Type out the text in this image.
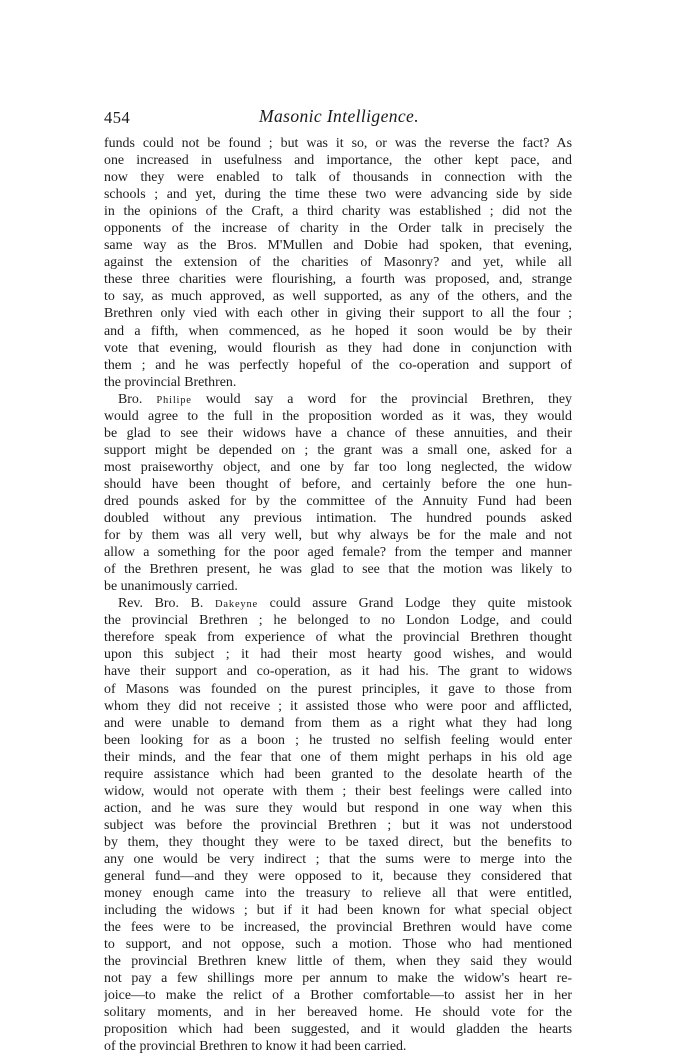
454	Masonic Intelligence.
funds could not be found ; but was it so, or was the reverse the fact? As
one increased in usefulness and importance, the other kept pace, and
now they were enabled to talk of thousands in connection with the
schools ; and yet, during the time these two were advancing side by side
in the opinions of the Craft, a third charity was established ; did not the
opponents of the increase of charity in the Order talk in precisely the
same way as the Bros. M'Mullen and Dobie had spoken, that evening,
against the extension of the charities of Masonry? and yet, while all
these three charities were flourishing, a fourth was proposed, and, strange
to say, as much approved, as well supported, as any of the others, and the
Brethren only vied with each other in giving their support to all the four ;
and a fifth, when commenced, as he hoped it soon would be by their
vote that evening, would flourish as they had done in conjunction with
them ; and he was perfectly hopeful of the co-operation and support of
the provincial Brethren.
Bro. Philipe would say a word for the provincial Brethren, they
would agree to the full in the proposition worded as it was, they would
be glad to see their widows have a chance of these annuities, and their
support might be depended on ; the grant was a small one, asked for a
most praiseworthy object, and one by far too long neglected, the widow
should have been thought of before, and certainly before the one hun-
dred pounds asked for by the committee of the Annuity Fund had been
doubled without any previous intimation. The hundred pounds asked
for by them was all very well, but why always be for the male and not
allow a something for the poor aged female? from the temper and manner
of the Brethren present, he was glad to see that the motion was likely to
be unanimously carried.
Rev. Bro. B. Dakeyne could assure Grand Lodge they quite mistook
the provincial Brethren ; he belonged to no London Lodge, and could
therefore speak from experience of what the provincial Brethren thought
upon this subject ; it had their most hearty good wishes, and would
have their support and co-operation, as it had his. The grant to widows
of Masons was founded on the purest principles, it gave to those from
whom they did not receive ; it assisted those who were poor and afflicted,
and were unable to demand from them as a right what they had long
been looking for as a boon ; he trusted no selfish feeling would enter
their minds, and the fear that one of them might perhaps in his old age
require assistance which had been granted to the desolate hearth of the
widow, would not operate with them ; their best feelings were called into
action, and he was sure they would but respond in one way when this
subject was before the provincial Brethren ; but it was not understood
by them, they thought they were to be taxed direct, but the benefits to
any one would be very indirect ; that the sums were to merge into the
general fund—and they were opposed to it, because they considered that
money enough came into the treasury to relieve all that were entitled,
including the widows ; but if it had been known for what special object
the fees were to be increased, the provincial Brethren would have come
to support, and not oppose, such a motion. Those who had mentioned
the provincial Brethren knew little of them, when they said they would
not pay a few shillings more per annum to make the widow's heart re-
joice—to make the relict of a Brother comfortable—to assist her in her
solitary moments, and in her bereaved home. He should vote for the
proposition which had been suggested, and it would gladden the hearts
of the provincial Brethren to know it had been carried.
